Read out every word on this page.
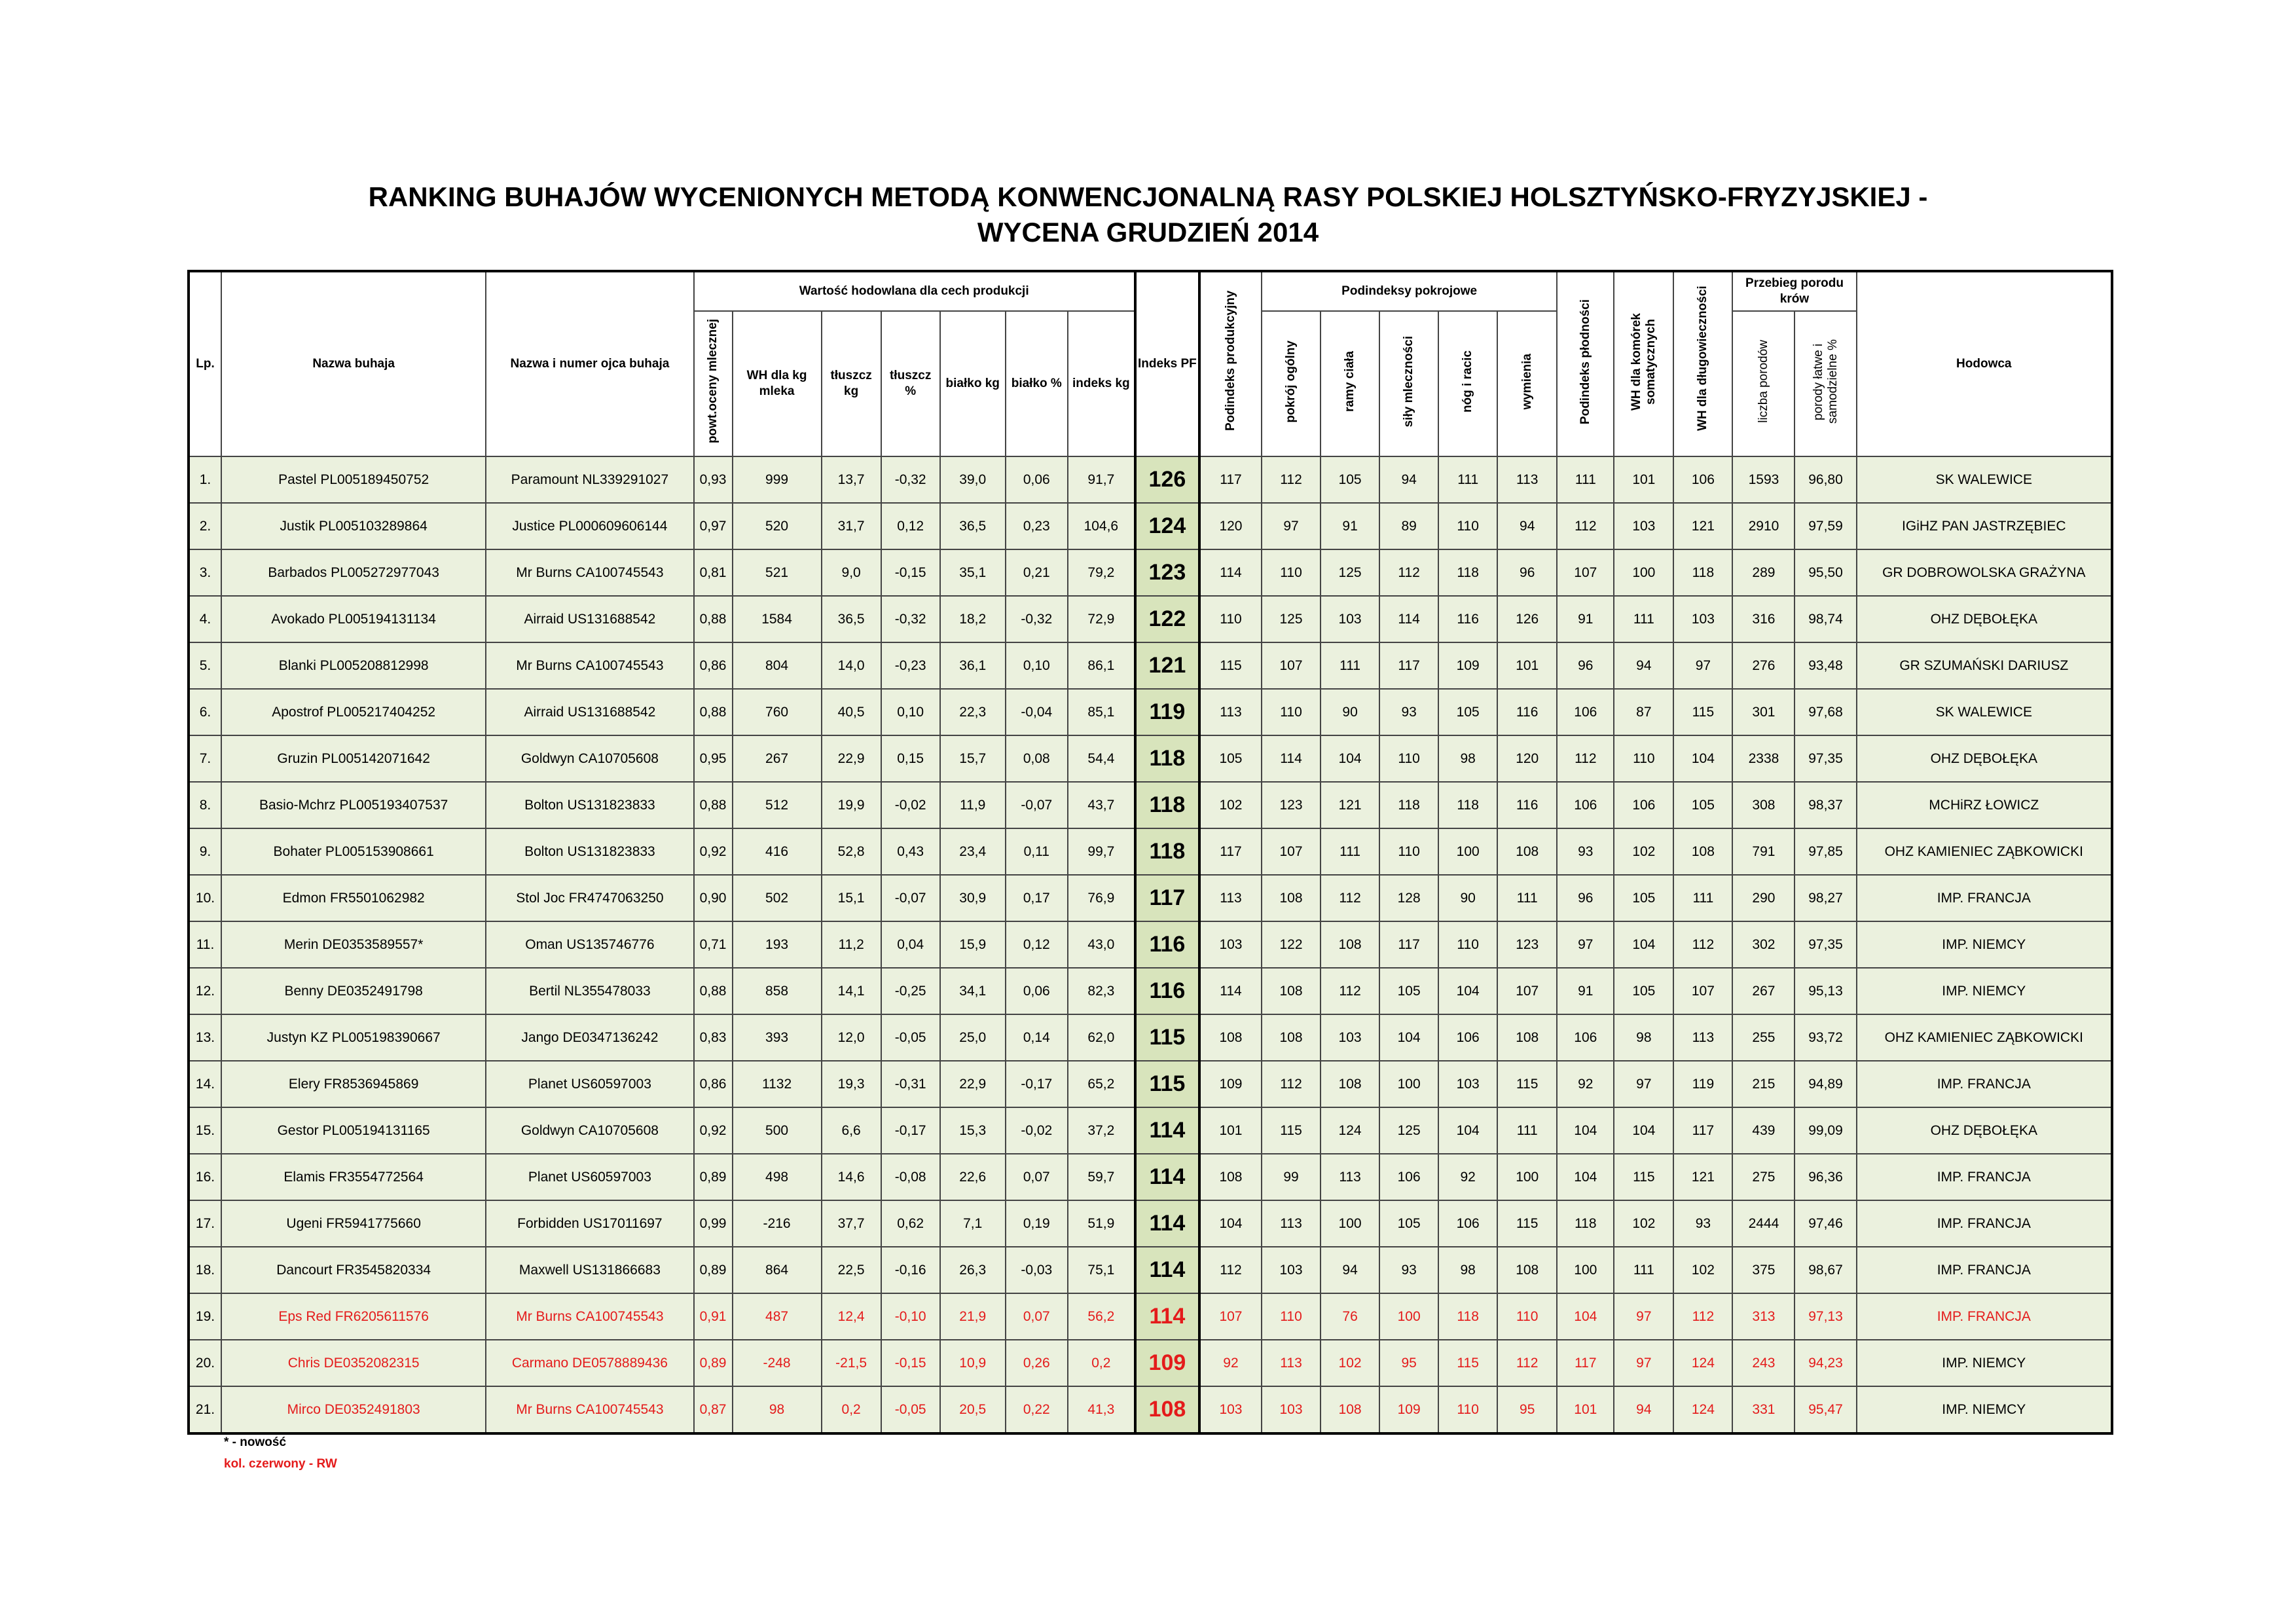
RANKING BUHAJÓW WYCENIONYCH METODĄ KONWENCJONALNĄ RASY POLSKIEJ HOLSZTYŃSKO-FRYZYJSKIEJ -
WYCENA GRUDZIEŃ 2014
Lp.	Nazwa buhaja	Nazwa i numer ojca buhaja	Wartość hodowlana dla cech produkcji							Indeks PF	Podindeks produkcyjny	Podindeksy pokrojowe					Podindeks płodności	WH dla komórek somatycznych	WH dla długowieczności	Przebieg porodu krów		Hodowca
			powt.oceny mlecznej	WH dla kg mleka	tłuszcz kg	tłuszcz %	białko kg	białko %	indeks kg			pokrój ogólny	ramy ciała	siły mleczności	nóg i racic	wymienia				liczba porodów	porody łatwe i samodzielne %	
1.	Pastel PL005189450752	Paramount NL339291027	0,93	999	13,7	-0,32	39,0	0,06	91,7	126	117	112	105	94	111	113	111	101	106	1593	96,80	SK WALEWICE
2.	Justik PL005103289864	Justice PL000609606144	0,97	520	31,7	0,12	36,5	0,23	104,6	124	120	97	91	89	110	94	112	103	121	2910	97,59	IGiHZ PAN JASTRZĘBIEC
3.	Barbados PL005272977043	Mr Burns CA100745543	0,81	521	9,0	-0,15	35,1	0,21	79,2	123	114	110	125	112	118	96	107	100	118	289	95,50	GR DOBROWOLSKA GRAŻYNA
4.	Avokado PL005194131134	Airraid US131688542	0,88	1584	36,5	-0,32	18,2	-0,32	72,9	122	110	125	103	114	116	126	91	111	103	316	98,74	OHZ DĘBOŁĘKA
5.	Blanki PL005208812998	Mr Burns CA100745543	0,86	804	14,0	-0,23	36,1	0,10	86,1	121	115	107	111	117	109	101	96	94	97	276	93,48	GR SZUMAŃSKI DARIUSZ
6.	Apostrof PL005217404252	Airraid US131688542	0,88	760	40,5	0,10	22,3	-0,04	85,1	119	113	110	90	93	105	116	106	87	115	301	97,68	SK WALEWICE
7.	Gruzin PL005142071642	Goldwyn CA10705608	0,95	267	22,9	0,15	15,7	0,08	54,4	118	105	114	104	110	98	120	112	110	104	2338	97,35	OHZ DĘBOŁĘKA
8.	Basio-Mchrz PL005193407537	Bolton US131823833	0,88	512	19,9	-0,02	11,9	-0,07	43,7	118	102	123	121	118	118	116	106	106	105	308	98,37	MCHiRZ ŁOWICZ
9.	Bohater PL005153908661	Bolton US131823833	0,92	416	52,8	0,43	23,4	0,11	99,7	118	117	107	111	110	100	108	93	102	108	791	97,85	OHZ KAMIENIEC ZĄBKOWICKI
10.	Edmon FR5501062982	Stol Joc FR4747063250	0,90	502	15,1	-0,07	30,9	0,17	76,9	117	113	108	112	128	90	111	96	105	111	290	98,27	IMP. FRANCJA
11.	Merin DE0353589557*	Oman US135746776	0,71	193	11,2	0,04	15,9	0,12	43,0	116	103	122	108	117	110	123	97	104	112	302	97,35	IMP. NIEMCY
12.	Benny DE0352491798	Bertil NL355478033	0,88	858	14,1	-0,25	34,1	0,06	82,3	116	114	108	112	105	104	107	91	105	107	267	95,13	IMP. NIEMCY
13.	Justyn KZ PL005198390667	Jango DE0347136242	0,83	393	12,0	-0,05	25,0	0,14	62,0	115	108	108	103	104	106	108	106	98	113	255	93,72	OHZ KAMIENIEC ZĄBKOWICKI
14.	Elery FR8536945869	Planet US60597003	0,86	1132	19,3	-0,31	22,9	-0,17	65,2	115	109	112	108	100	103	115	92	97	119	215	94,89	IMP. FRANCJA
15.	Gestor PL005194131165	Goldwyn CA10705608	0,92	500	6,6	-0,17	15,3	-0,02	37,2	114	101	115	124	125	104	111	104	104	117	439	99,09	OHZ DĘBOŁĘKA
16.	Elamis FR3554772564	Planet US60597003	0,89	498	14,6	-0,08	22,6	0,07	59,7	114	108	99	113	106	92	100	104	115	121	275	96,36	IMP. FRANCJA
17.	Ugeni FR5941775660	Forbidden US17011697	0,99	-216	37,7	0,62	7,1	0,19	51,9	114	104	113	100	105	106	115	118	102	93	2444	97,46	IMP. FRANCJA
18.	Dancourt FR3545820334	Maxwell US131866683	0,89	864	22,5	-0,16	26,3	-0,03	75,1	114	112	103	94	93	98	108	100	111	102	375	98,67	IMP. FRANCJA
19.	Eps Red FR6205611576	Mr Burns CA100745543	0,91	487	12,4	-0,10	21,9	0,07	56,2	114	107	110	76	100	118	110	104	97	112	313	97,13	IMP. FRANCJA
20.	Chris DE0352082315	Carmano DE0578889436	0,89	-248	-21,5	-0,15	10,9	0,26	0,2	109	92	113	102	95	115	112	117	97	124	243	94,23	IMP. NIEMCY
21.	Mirco DE0352491803	Mr Burns CA100745543	0,87	98	0,2	-0,05	20,5	0,22	41,3	108	103	103	108	109	110	95	101	94	124	331	95,47	IMP. NIEMCY
* - nowość
kol. czerwony - RW
